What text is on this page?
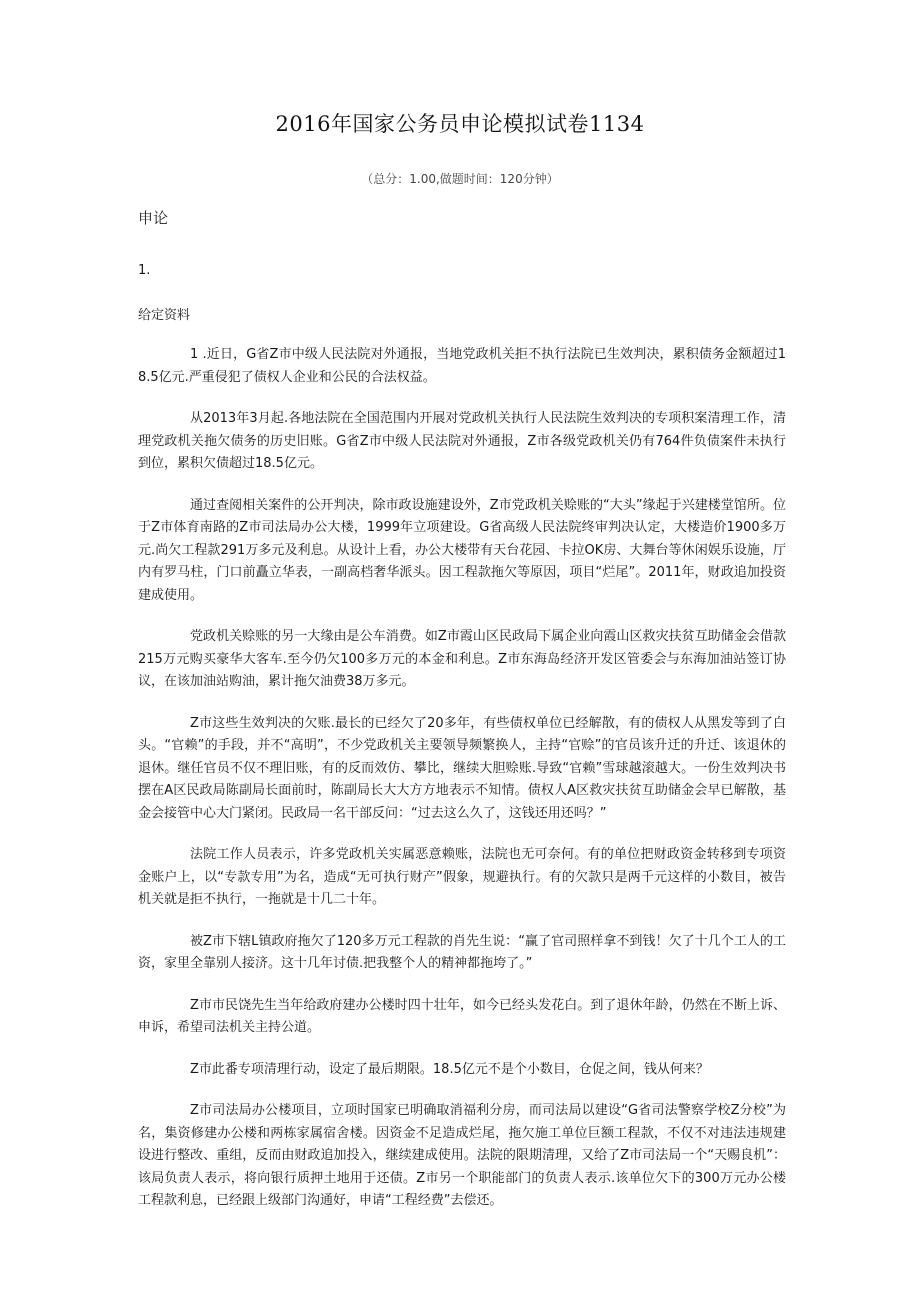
2016年国家公务员申论模拟试卷1134
（总分：1.00,做题时间：120分钟）
申论
1.
给定资料

1 .近日，G省Z市中级人民法院对外通报，当地党政机关拒不执行法院已生效判决，累积债务金额超过18.5亿元.严重侵犯了债权人企业和公民的合法权益。

从2013年3月起.各地法院在全国范围内开展对党政机关执行人民法院生效判决的专项积案清理工作，清理党政机关拖欠债务的历史旧账。G省Z市中级人民法院对外通报，Z市各级党政机关仍有764件负债案件未执行到位，累积欠债超过18.5亿元。

通过查阅相关案件的公开判决，除市政设施建设外，Z市党政机关赊账的“大头”缘起于兴建楼堂馆所。位于Z市体育南路的Z市司法局办公大楼，1999年立项建设。G省高级人民法院终审判决认定，大楼造价1900多万元.尚欠工程款291万多元及利息。从设计上看，办公大楼带有天台花园、卡拉OK房、大舞台等休闲娱乐设施，厅内有罗马柱，门口前矗立华表，一副高档奢华派头。因工程款拖欠等原因，项目“烂尾”。2011年，财政追加投资建成使用。

党政机关赊账的另一大缘由是公车消费。如Z市霞山区民政局下属企业向霞山区救灾扶贫互助储金会借款215万元购买豪华大客车.至今仍欠100多万元的本金和利息。Z市东海岛经济开发区管委会与东海加油站签订协议，在该加油站购油，累计拖欠油费38万多元。

Z市这些生效判决的欠账.最长的已经欠了20多年，有些债权单位已经解散，有的债权人从黑发等到了白头。“官赖”的手段，并不“高明”，不少党政机关主要领导频繁换人，主持“官赊”的官员该升迁的升迁、该退休的退休。继任官员不仅不理旧账，有的反而效仿、攀比，继续大胆赊账.导致“官赖”雪球越滚越大。一份生效判决书摆在A区民政局陈副局长面前时，陈副局长大大方方地表示不知情。债权人A区救灾扶贫互助储金会早已解散，基金会接管中心大门紧闭。民政局一名干部反问：“过去这么久了，这钱还用还吗？”

法院工作人员表示，许多党政机关实属恶意赖账，法院也无可奈何。有的单位把财政资金转移到专项资金账户上，以“专款专用”为名，造成“无可执行财产”假象，规避执行。有的欠款只是两千元这样的小数目，被告机关就是拒不执行，一拖就是十几二十年。

被Z市下辖L镇政府拖欠了120多万元工程款的肖先生说：“赢了官司照样拿不到钱！欠了十几个工人的工资，家里全靠别人接济。这十几年讨债.把我整个人的精神都拖垮了。”

Z市市民饶先生当年给政府建办公楼时四十壮年，如今已经头发花白。到了退休年龄，仍然在不断上诉、申诉，希望司法机关主持公道。

Z市此番专项清理行动，设定了最后期限。18.5亿元不是个小数目，仓促之间，钱从何来？

Z市司法局办公楼项目，立项时国家已明确取消福利分房，而司法局以建设“G省司法警察学校Z分校”为名，集资修建办公楼和两栋家属宿舍楼。因资金不足造成烂尾，拖欠施工单位巨额工程款，不仅不对违法违规建设进行整改、重组，反而由财政追加投入，继续建成使用。法院的限期清理，又给了Z市司法局一个“天赐良机”：该局负责人表示，将向银行质押土地用于还债。Z市另一个职能部门的负责人表示.该单位欠下的300万元办公楼工程款利息，已经跟上级部门沟通好，申请“工程经费”去偿还。
